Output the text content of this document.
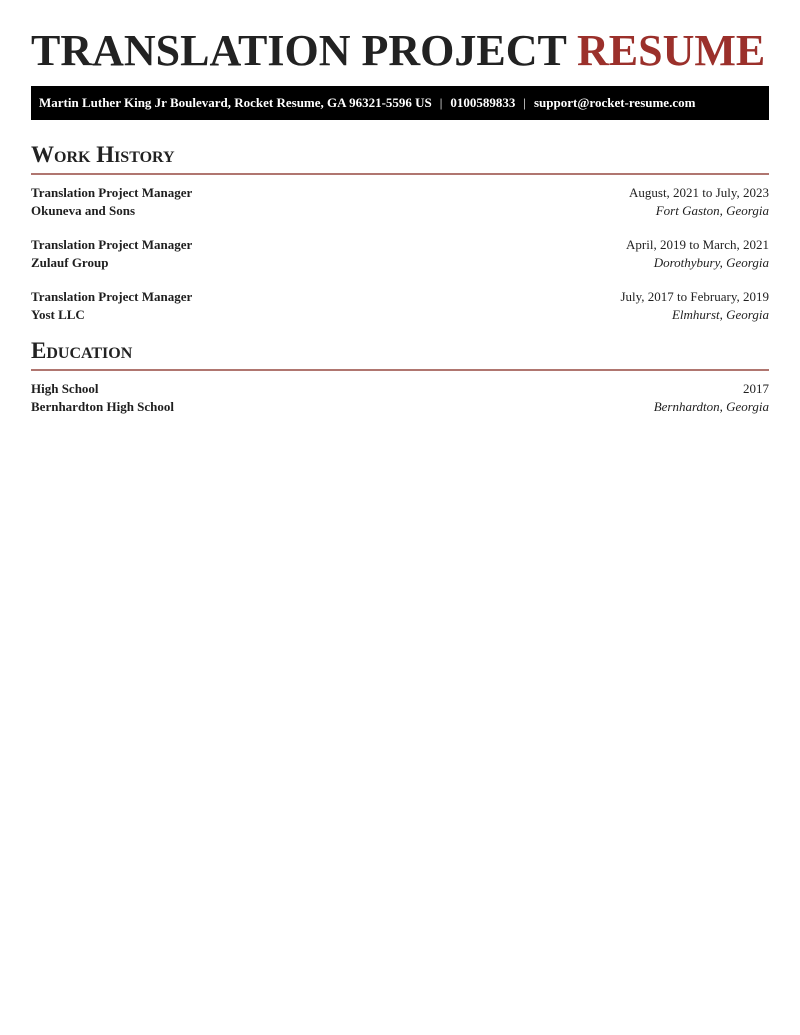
TRANSLATION PROJECT RESUME
Martin Luther King Jr Boulevard, Rocket Resume, GA 96321-5596 US | 0100589833 | support@rocket-resume.com
Work History
Translation Project Manager	August, 2021 to July, 2023
Okuneva and Sons	Fort Gaston, Georgia
Translation Project Manager	April, 2019 to March, 2021
Zulauf Group	Dorothybury, Georgia
Translation Project Manager	July, 2017 to February, 2019
Yost LLC	Elmhurst, Georgia
Education
High School	2017
Bernhardton High School	Bernhardton, Georgia
